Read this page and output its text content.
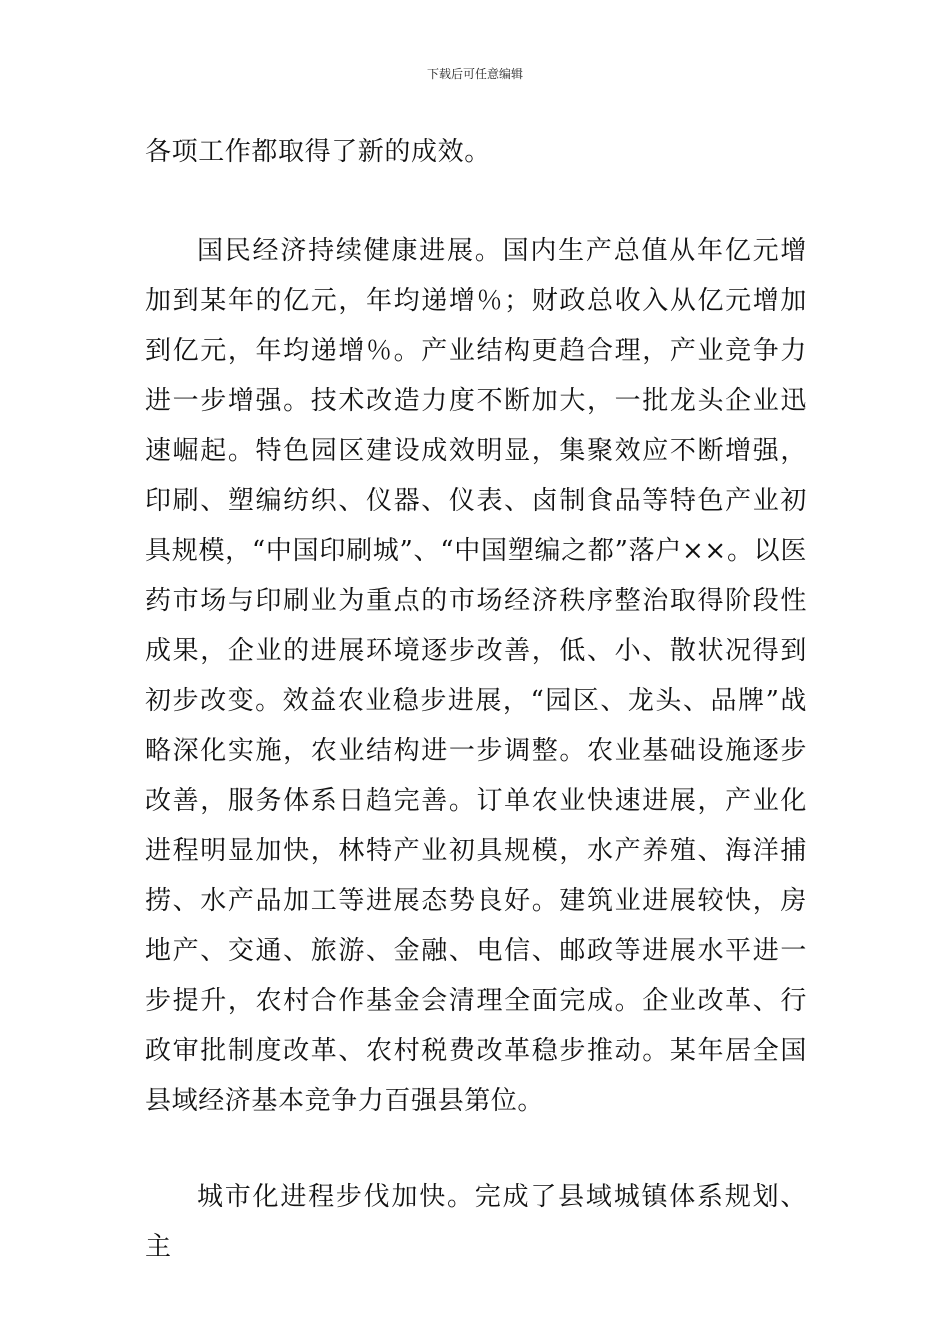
下载后可任意编辑

各项工作都取得了新的成效。

国民经济持续健康进展。国内生产总值从年亿元增加到某年的亿元，年均递增％；财政总收入从亿元增加到亿元，年均递增％。产业结构更趋合理，产业竞争力进一步增强。技术改造力度不断加大，一批龙头企业迅速崛起。特色园区建设成效明显，集聚效应不断增强，印刷、塑编纺织、仪器、仪表、卤制食品等特色产业初具规模，“中国印刷城”、“中国塑编之都”落户××。以医药市场与印刷业为重点的市场经济秩序整治取得阶段性成果，企业的进展环境逐步改善，低、小、散状况得到初步改变。效益农业稳步进展，“园区、龙头、品牌”战略深化实施，农业结构进一步调整。农业基础设施逐步改善，服务体系日趋完善。订单农业快速进展，产业化进程明显加快，林特产业初具规模，水产养殖、海洋捕捞、水产品加工等进展态势良好。建筑业进展较快，房地产、交通、旅游、金融、电信、邮政等进展水平进一步提升，农村合作基金会清理全面完成。企业改革、行政审批制度改革、农村税费改革稳步推动。某年居全国县域经济基本竞争力百强县第位。

城市化进程步伐加快。完成了县域城镇体系规划、主
